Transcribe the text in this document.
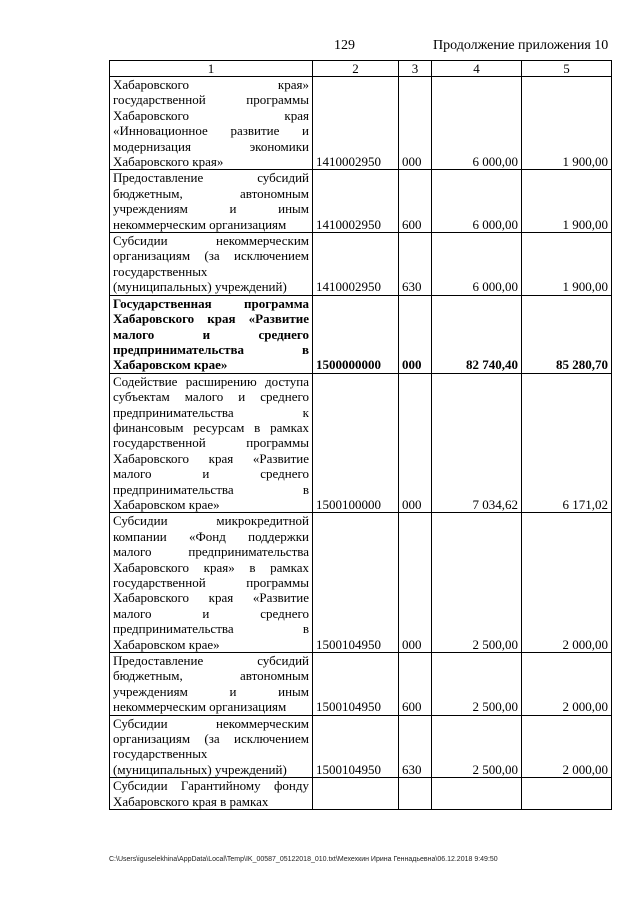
129	Продолжение приложения 10
1	2	3	4	5
Хабаровского края» государственной программы Хабаровского края «Инновационное развитие и модернизация экономики Хабаровского края»	1410002950	000	6 000,00	1 900,00
Предоставление субсидий бюджетным, автономным учреждениям и иным некоммерческим организациям	1410002950	600	6 000,00	1 900,00
Субсидии некоммерческим организациям (за исключением государственных (муниципальных) учреждений)	1410002950	630	6 000,00	1 900,00
Государственная программа Хабаровского края «Развитие малого и среднего предпринимательства в Хабаровском крае»	1500000000	000	82 740,40	85 280,70
Содействие расширению доступа субъектам малого и среднего предпринимательства к финансовым ресурсам в рамках государственной программы Хабаровского края «Развитие малого и среднего предпринимательства в Хабаровском крае»	1500100000	000	7 034,62	6 171,02
Субсидии микрокредитной компании «Фонд поддержки малого предпринимательства Хабаровского края» в рамках государственной программы Хабаровского края «Развитие малого и среднего предпринимательства в Хабаровском крае»	1500104950	000	2 500,00	2 000,00
Предоставление субсидий бюджетным, автономным учреждениям и иным некоммерческим организациям	1500104950	600	2 500,00	2 000,00
Субсидии некоммерческим организациям (за исключением государственных (муниципальных) учреждений)	1500104950	630	2 500,00	2 000,00
Субсидии Гарантийному фонду Хабаровского края в рамках				
C:\Users\iguselekhina\AppData\Local\Temp\IK_00587_05122018_010.txt\Мехехкин Ирина Геннадьевна\06.12.2018 9:49:50
